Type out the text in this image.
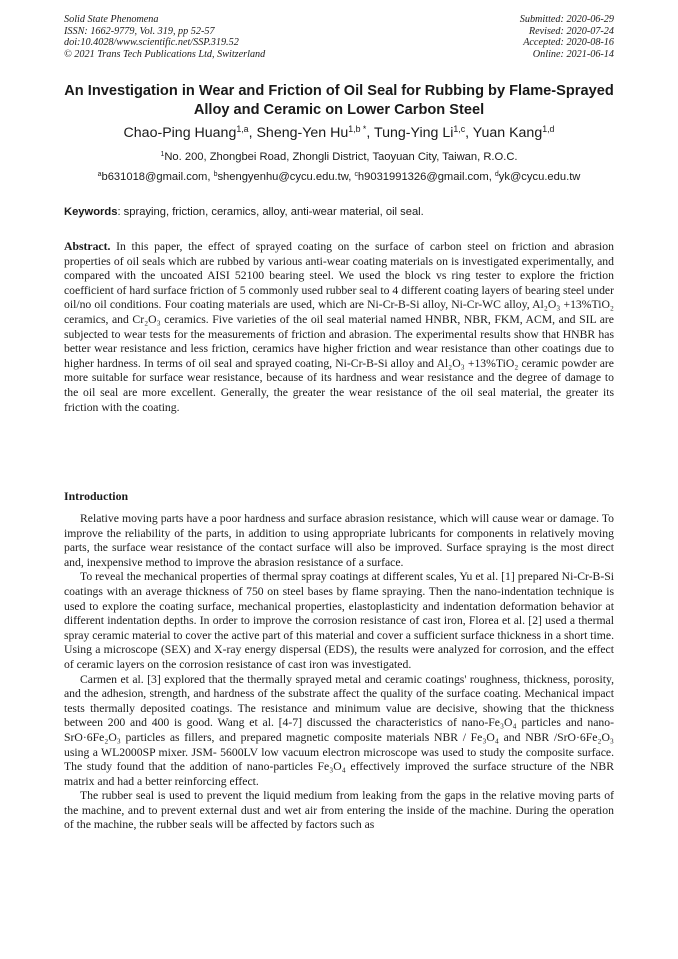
Solid State Phenomena
ISSN: 1662-9779, Vol. 319, pp 52-57
doi:10.4028/www.scientific.net/SSP.319.52
© 2021 Trans Tech Publications Ltd, Switzerland
Submitted: 2020-06-29
Revised: 2020-07-24
Accepted: 2020-08-16
Online: 2021-06-14
An Investigation in Wear and Friction of Oil Seal for Rubbing by Flame-Sprayed Alloy and Ceramic on Lower Carbon Steel
Chao-Ping Huang$^{1,a}$, Sheng-Yen $Hu^{1,b *}$, Tung-Ying Li$^{1,c}$, Yuan Kang$^{1,d}$
$^1$No. 200, Zhongbei Road, Zhongli District, Taoyuan City, Taiwan, R.O.C.
$^a$b631018@gmail.com, $^b$shengyenhu@cycu.edu.tw, $^c$h9031991326@gmail.com, $^d$yk@cycu.edu.tw
Keywords: spraying, friction, ceramics, alloy, anti-wear material, oil seal.

Abstract. In this paper, the effect of sprayed coating on the surface of carbon steel on friction and abrasion properties of oil seals which are rubbed by various anti-wear coating materials on is investigated experimentally, and compared with the uncoated AISI 52100 bearing steel. We used the block vs ring tester to explore the friction coefficient of hard surface friction of 5 commonly used rubber seal to 4 different coating layers of bearing steel under oil/no oil conditions. Four coating materials are used, which are Ni-Cr-B-Si alloy, Ni-Cr-WC alloy, Al₂O₃ +13%TiO₂ ceramics, and Cr₂O₃ ceramics. Five varieties of the oil seal material named HNBR, NBR, FKM, ACM, and SIL are subjected to wear tests for the measurements of friction and abrasion. The experimental results show that HNBR has better wear resistance and less friction, ceramics have higher friction and wear resistance than other coatings due to higher hardness. In terms of oil seal and sprayed coating, Ni-Cr-B-Si alloy and Al₂O₃ +13%TiO₂ ceramic powder are more suitable for surface wear resistance, because of its hardness and wear resistance and the degree of damage to the oil seal are more excellent. Generally, the greater the wear resistance of the oil seal material, the greater its friction with the coating.

Introduction

Relative moving parts have a poor hardness and surface abrasion resistance, which will cause wear or damage. To improve the reliability of the parts, in addition to using appropriate lubricants for components in relatively moving parts, the surface wear resistance of the contact surface will also be improved. Surface spraying is the most direct and, inexpensive method to improve the abrasion resistance of a surface.

To reveal the mechanical properties of thermal spray coatings at different scales, Yu et al. [1] prepared Ni-Cr-B-Si coatings with an average thickness of 750 on steel bases by flame spraying. Then the nano-indentation technique is used to explore the coating surface, mechanical properties, elastoplasticity and indentation deformation behavior at different indentation depths. In order to improve the corrosion resistance of cast iron, Florea et al. [2] used a thermal spray ceramic material to cover the active part of this material and cover a sufficient surface thickness in a short time. Using a microscope (SEX) and X-ray energy dispersal (EDS), the results were analyzed for corrosion, and the effect of ceramic layers on the corrosion resistance of cast iron was investigated.

Carmen et al. [3] explored that the thermally sprayed metal and ceramic coatings' roughness, thickness, porosity, and the adhesion, strength, and hardness of the substrate affect the quality of the surface coating. Mechanical impact tests thermally deposited coatings. The resistance and minimum value are decisive, showing that the thickness between 200 and 400 is good. Wang et al. [4-7] discussed the characteristics of nano-Fe₃O₄ particles and nano-SrO·6Fe₂O₃ particles as fillers, and prepared magnetic composite materials NBR / Fe₃O₄ and NBR /SrO·6Fe₂O₃ using a WL2000SP mixer. JSM- 5600LV low vacuum electron microscope was used to study the composite surface. The study found that the addition of nano-particles Fe₃O₄ effectively improved the surface structure of the NBR matrix and had a better reinforcing effect.

The rubber seal is used to prevent the liquid medium from leaking from the gaps in the relative moving parts of the machine, and to prevent external dust and wet air from entering the inside of the machine. During the operation of the machine, the rubber seals will be affected by factors such as
